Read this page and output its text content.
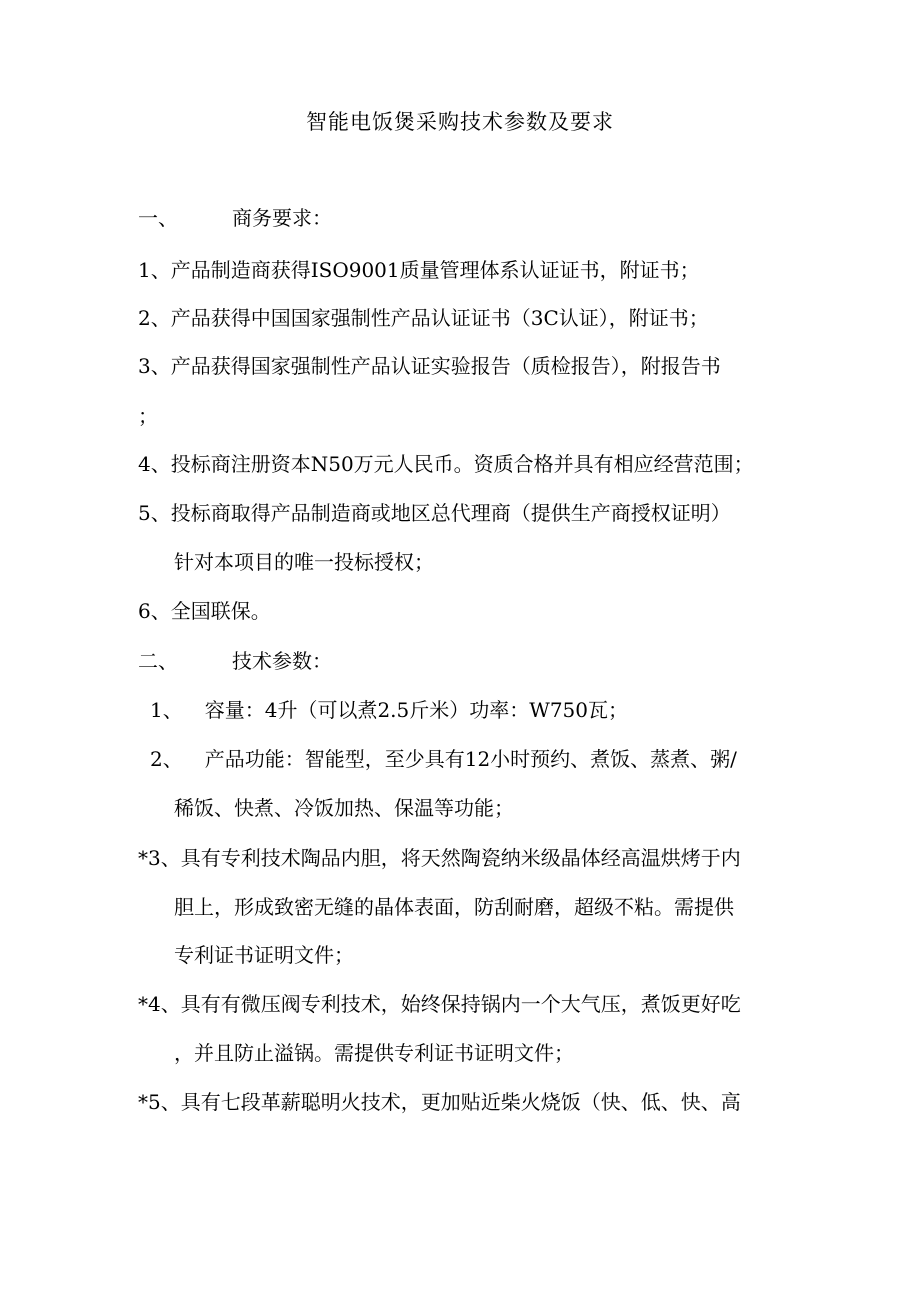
智能电饭煲采购技术参数及要求
一、	商务要求：
1、产品制造商获得ISO9001质量管理体系认证证书，附证书；
2、产品获得中国国家强制性产品认证证书（3C认证），附证书；
3、产品获得国家强制性产品认证实验报告（质检报告），附报告书
；
4、投标商注册资本N50万元人民币。资质合格并具有相应经营范围；
5、投标商取得产品制造商或地区总代理商（提供生产商授权证明）
针对本项目的唯一投标授权；
6、全国联保。
二、	技术参数：
1、 容量：4升（可以煮2.5斤米）功率：W750瓦；
2、 产品功能：智能型，至少具有12小时预约、煮饭、蒸煮、粥/
稀饭、快煮、冷饭加热、保温等功能；
*3、具有专利技术陶品内胆，将天然陶瓷纳米级晶体经高温烘烤于内
胆上，形成致密无缝的晶体表面，防刮耐磨，超级不粘。需提供
专利证书证明文件；
*4、具有有微压阀专利技术，始终保持锅内一个大气压，煮饭更好吃
，并且防止溢锅。需提供专利证书证明文件；
*5、具有七段革薪聪明火技术，更加贴近柴火烧饭（快、低、快、高
